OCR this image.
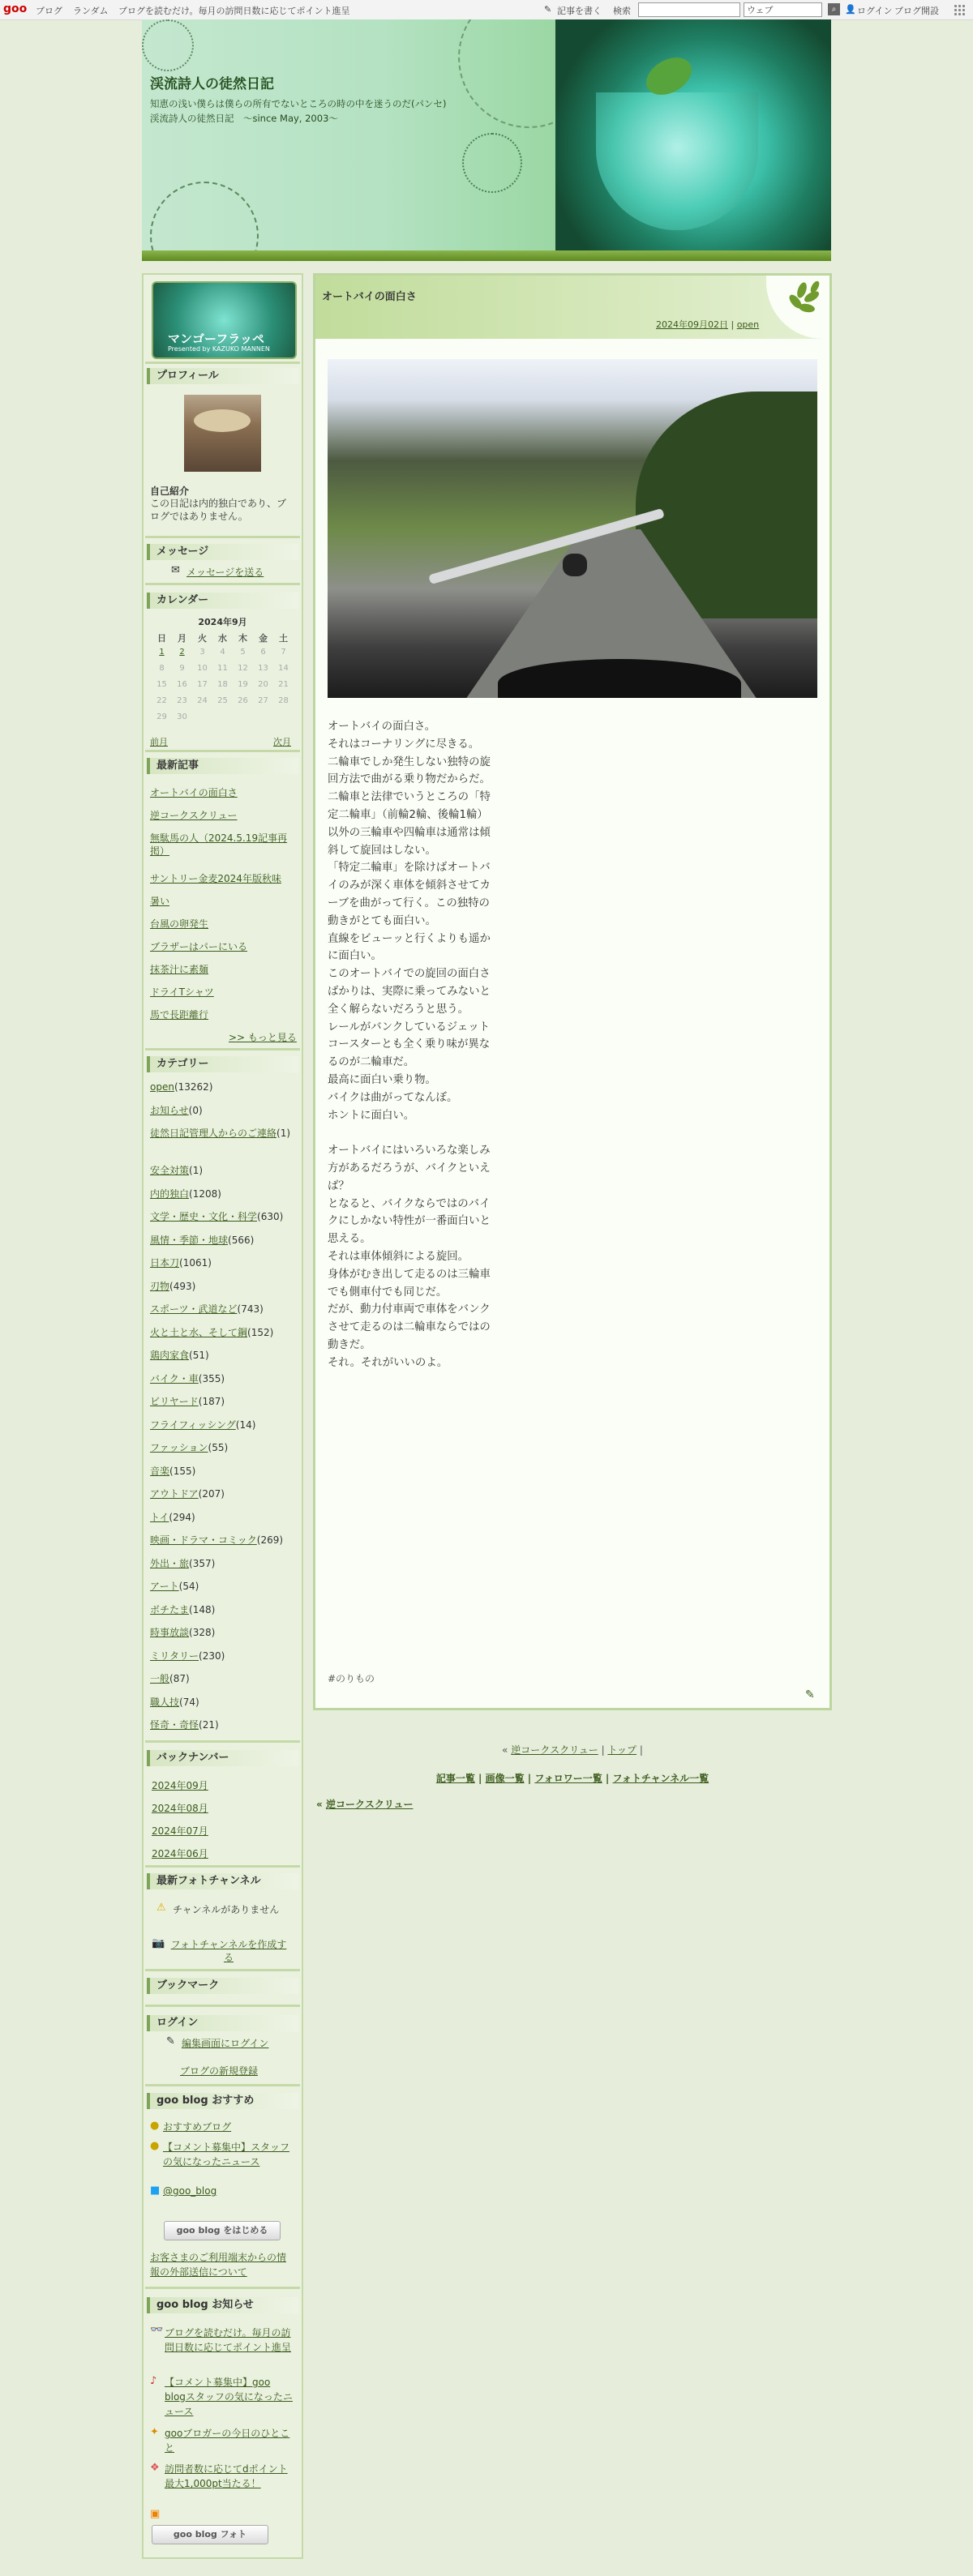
goo ブログ ランダム ブログを読むだけ。毎月の訪問日数に応じてポイント進呈	✎ 記事を書く 検索	ウェブ	⌕ 👤 ログイン ブログ開設
渓流詩人の徒然日記
知恵の浅い僕らは僕らの所有でないところの時の中を迷うのだ(パンセ)　渓流詩人の徒然日記　～since May, 2003～
マンゴーフラッペ
Presented by KAZUKO MANNEN
プロフィール
自己紹介
この日記は内的独白であり、ブログではありません。
メッセージ
✉ メッセージを送る
カレンダー
2024年9月
日	月	火	水	木	金	土
1	2	3	4	5	6	7
8	9	10	11	12	13	14
15	16	17	18	19	20	21
22	23	24	25	26	27	28
29	30
前月	次月
最新記事
>> もっと見る
カテゴリー
バックナンバー
2024年09月
2024年08月
2024年07月
2024年06月
最新フォトチャンネル
⚠ チャンネルがありません
📷 フォトチャンネルを作成する
ブックマーク
ログイン
✎ 編集画面にログイン
ブログの新規登録
goo blog おすすめ
● おすすめブログ
● 【コメント募集中】スタッフの気になったニュース
■ @goo_blog
goo blog をはじめる
お客さまのご利用端末からの情報の外部送信について
goo blog お知らせ
👓 ブログを読むだけ。毎月の訪問日数に応じてポイント進呈
♪ 【コメント募集中】goo blogスタッフの気になったニュース
✦ gooブロガーの今日のひとこと
❖ 訪問者数に応じてdポイント最大1,000pt当たる！
▣
goo blog フォト
オートバイの面白さ
逆コークスクリュー
無駄馬の人（2024.5.19記事再掲）
サントリー金麦2024年版秋味
暑い
台風の卵発生
ブラザーはパーにいる
抹茶汁に素麺
ドライTシャツ
馬で長距離行
open(13262)
お知らせ(0)
徒然日記管理人からのご連絡(1)
安全対策(1)
内的独白(1208)
文学・歴史・文化・科学(630)
風情・季節・地球(566)
日本刀(1061)
刃物(493)
スポーツ・武道など(743)
火と土と水、そして鋼(152)
鶏肉家食(51)
バイク・車(355)
ビリヤード(187)
フライフィッシング(14)
ファッション(55)
音楽(155)
アウトドア(207)
トイ(294)
映画・ドラマ・コミック(269)
外出・旅(357)
アート(54)
ボチたま(148)
時事放談(328)
ミリタリー(230)
一般(87)
職人技(74)
怪奇・奇怪(21)
オートバイの面白さ
2024年09月02日 | open
オートバイの面白さ。
それはコーナリングに尽きる。
二輪車でしか発生しない独特の旋回方法で曲がる乗り物だからだ。
二輪車と法律でいうところの「特定二輪車」（前輪2輪、後輪1輪）以外の三輪車や四輪車は通常は傾斜して旋回はしない。
「特定二輪車」を除けばオートバイのみが深く車体を傾斜させてカーブを曲がって行く。この独特の動きがとても面白い。
直線をビューッと行くよりも遥かに面白い。
このオートバイでの旋回の面白さばかりは、実際に乗ってみないと全く解らないだろうと思う。
レールがバンクしているジェットコースターとも全く乗り味が異なるのが二輪車だ。
最高に面白い乗り物。
バイクは曲がってなんぼ。
ホントに面白い。

オートバイにはいろいろな楽しみ方があるだろうが、バイクといえば？
となると、バイクならではのバイクにしかない特性が一番面白いと思える。
それは車体傾斜による旋回。
身体がむき出して走るのは三輪車でも側車付でも同じだ。
だが、動力付車両で車体をバンクさせて走るのは二輪車ならではの動きだ。
それ。それがいいのよ。
#のりもの
✎
« 逆コークスクリュー | トップ |
記事一覧 | 画像一覧 | フォロワー一覧 | フォトチャンネル一覧
« 逆コークスクリュー
